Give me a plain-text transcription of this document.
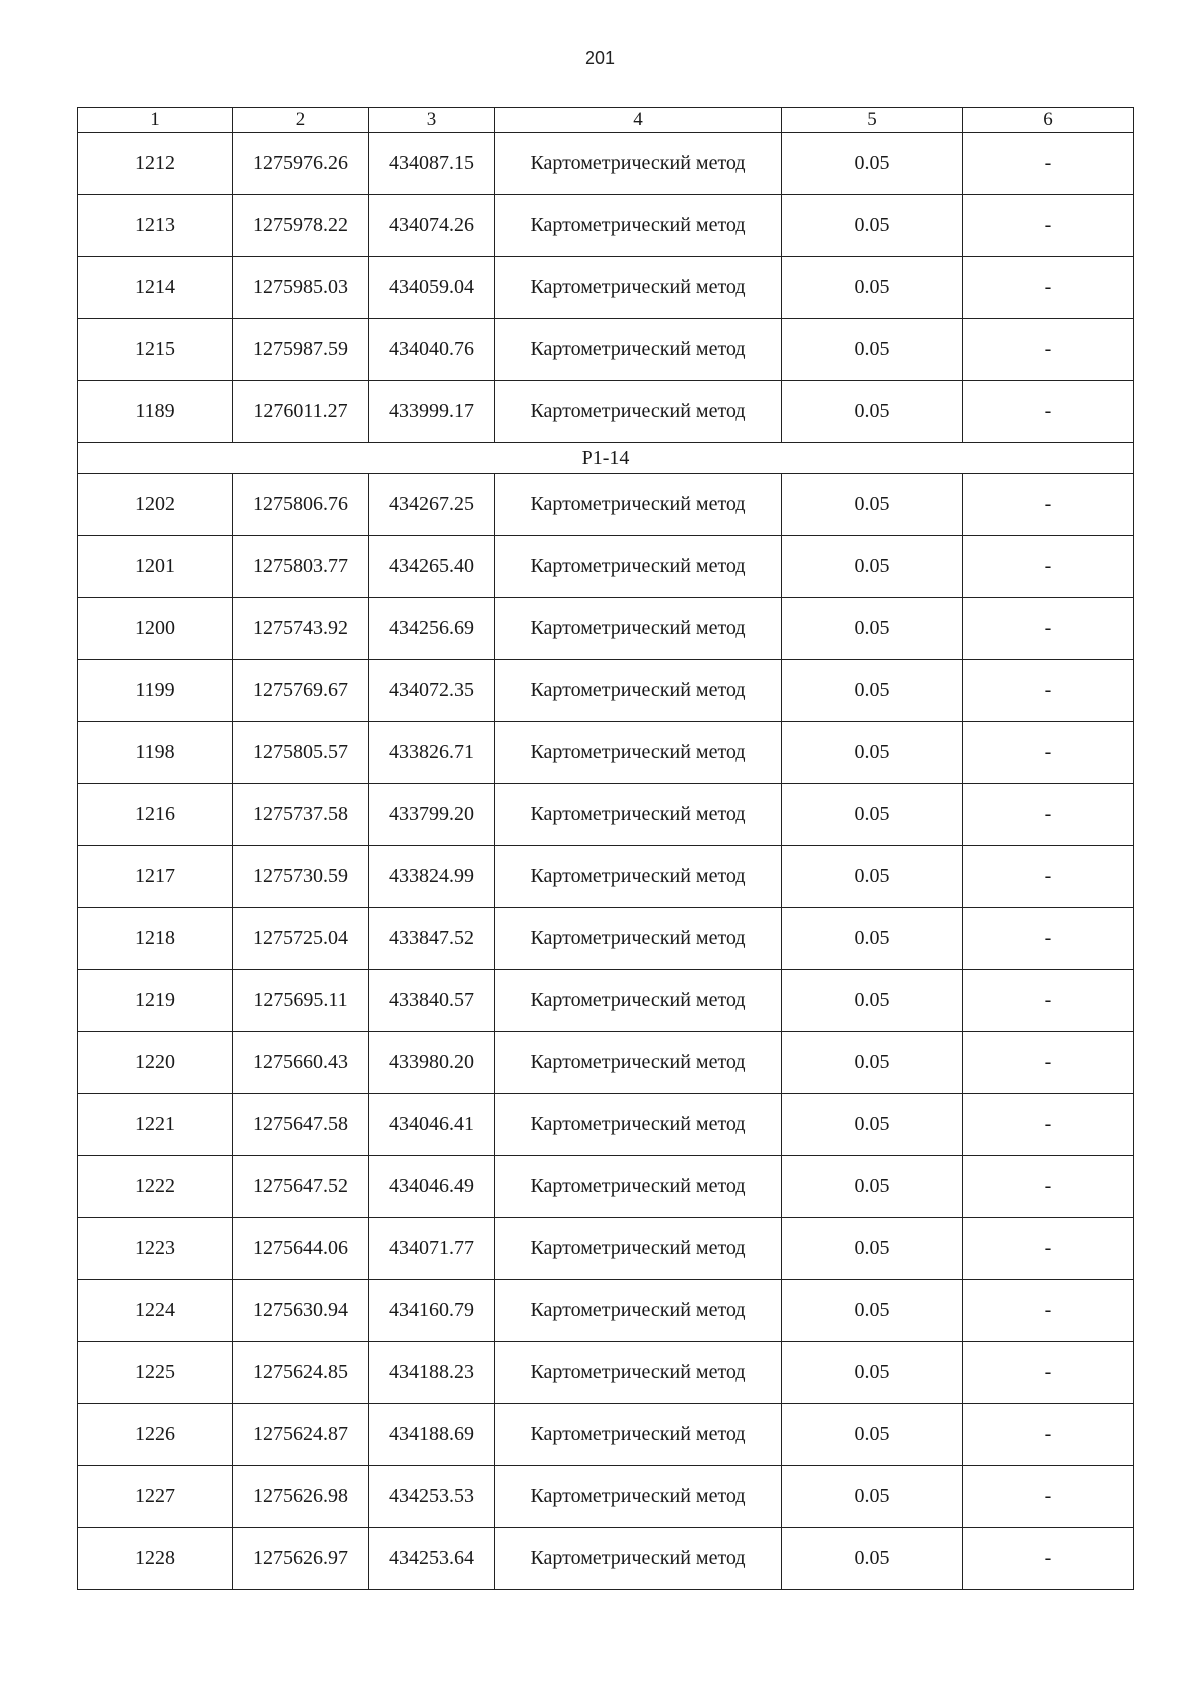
201
1	2	3	4	5	6
1212	1275976.26	434087.15	Картометрический метод	0.05	-
1213	1275978.22	434074.26	Картометрический метод	0.05	-
1214	1275985.03	434059.04	Картометрический метод	0.05	-
1215	1275987.59	434040.76	Картометрический метод	0.05	-
1189	1276011.27	433999.17	Картометрический метод	0.05	-
Р1-14					
1202	1275806.76	434267.25	Картометрический метод	0.05	-
1201	1275803.77	434265.40	Картометрический метод	0.05	-
1200	1275743.92	434256.69	Картометрический метод	0.05	-
1199	1275769.67	434072.35	Картометрический метод	0.05	-
1198	1275805.57	433826.71	Картометрический метод	0.05	-
1216	1275737.58	433799.20	Картометрический метод	0.05	-
1217	1275730.59	433824.99	Картометрический метод	0.05	-
1218	1275725.04	433847.52	Картометрический метод	0.05	-
1219	1275695.11	433840.57	Картометрический метод	0.05	-
1220	1275660.43	433980.20	Картометрический метод	0.05	-
1221	1275647.58	434046.41	Картометрический метод	0.05	-
1222	1275647.52	434046.49	Картометрический метод	0.05	-
1223	1275644.06	434071.77	Картометрический метод	0.05	-
1224	1275630.94	434160.79	Картометрический метод	0.05	-
1225	1275624.85	434188.23	Картометрический метод	0.05	-
1226	1275624.87	434188.69	Картометрический метод	0.05	-
1227	1275626.98	434253.53	Картометрический метод	0.05	-
1228	1275626.97	434253.64	Картометрический метод	0.05	-
